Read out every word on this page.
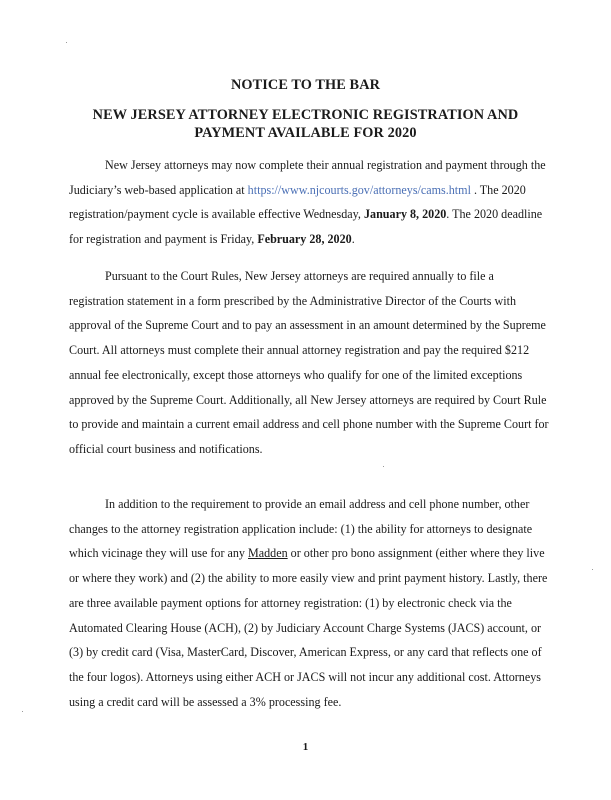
NOTICE TO THE BAR
NEW JERSEY ATTORNEY ELECTRONIC REGISTRATION AND
PAYMENT AVAILABLE FOR 2020
New Jersey attorneys may now complete their annual registration and payment through the Judiciary’s web-based application at https://www.njcourts.gov/attorneys/cams.html . The 2020 registration/payment cycle is available effective Wednesday, January 8, 2020. The 2020 deadline for registration and payment is Friday, February 28, 2020.
Pursuant to the Court Rules, New Jersey attorneys are required annually to file a registration statement in a form prescribed by the Administrative Director of the Courts with approval of the Supreme Court and to pay an assessment in an amount determined by the Supreme Court. All attorneys must complete their annual attorney registration and pay the required $212 annual fee electronically, except those attorneys who qualify for one of the limited exceptions approved by the Supreme Court. Additionally, all New Jersey attorneys are required by Court Rule to provide and maintain a current email address and cell phone number with the Supreme Court for official court business and notifications.
In addition to the requirement to provide an email address and cell phone number, other changes to the attorney registration application include: (1) the ability for attorneys to designate which vicinage they will use for any Madden or other pro bono assignment (either where they live or where they work) and (2) the ability to more easily view and print payment history. Lastly, there are three available payment options for attorney registration: (1) by electronic check via the Automated Clearing House (ACH), (2) by Judiciary Account Charge Systems (JACS) account, or (3) by credit card (Visa, MasterCard, Discover, American Express, or any card that reflects one of the four logos). Attorneys using either ACH or JACS will not incur any additional cost. Attorneys using a credit card will be assessed a 3% processing fee.
1
